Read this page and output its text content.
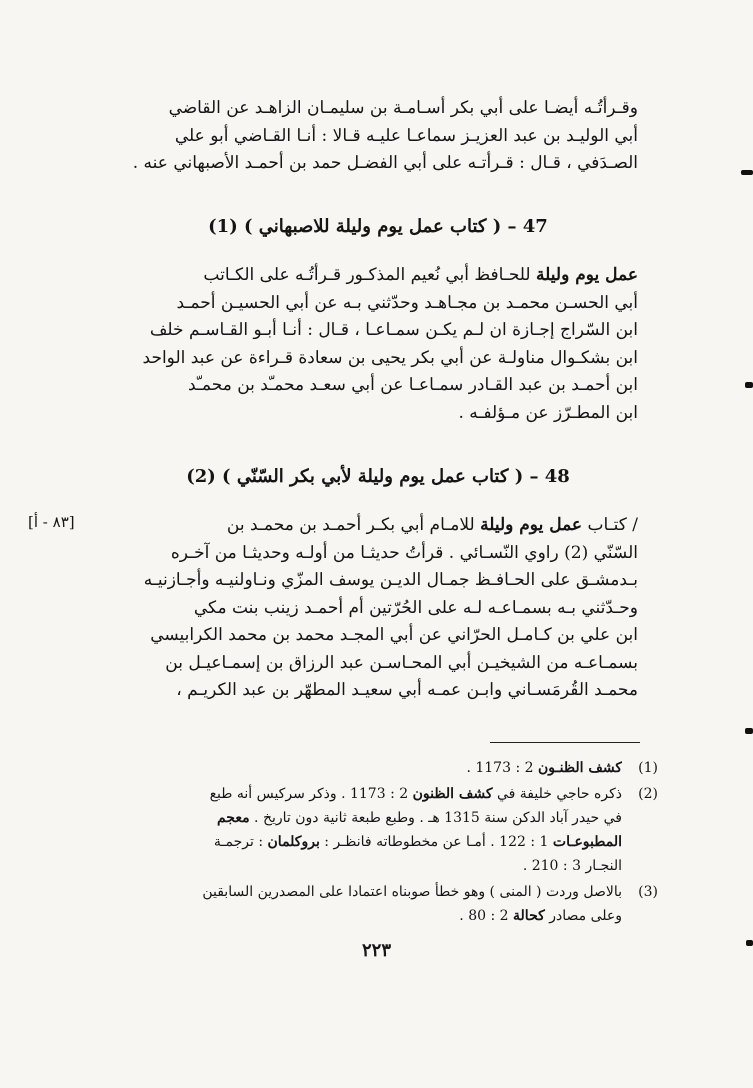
وقـرأتُـه أيضـا على أبي بكر أسـامـة بن سليمـان الزاهـد عن القاضي
أبي الوليـد بن عبد العزيـز سماعـا عليـه قـالا : أنـا القـاضي أبو علي
الصـدَفي ، قـال : قـرأتـه على أبي الفضـل حمد بن أحمـد الأصبهاني عنه .
47 – ( كتاب عمل يوم وليلة للاصبهاني ) (1)
عمل يوم وليلة للحـافظ أبي نُعيم المذكـور قـرأتُـه على الكـاتب
أبي الحسـن محمـد بن مجـاهـد وحدّثني بـه عن أبي الحسيـن أحمـد
ابن السّراج إجـازة ان لـم يكـن سمـاعـا ، قـال : أنـا أبـو القـاسـم خلف
ابن بشكـوال مناولـة عن أبي بكر يحيى بن سعادة قـراءة عن عبد الواحد
ابن أحمـد بن عبد القـادر سمـاعـا عن أبي سعـد محمـّد بن محمـّد
ابن المطـرّز عن مـؤلفـه .
48 – ( كتاب عمل يوم وليلة لأبي بكر السّنّي ) (2)
[٨٣ - أ]	/ كتـاب عمل يوم وليلة للامـام أبي بكـر أحمـد بن محمـد بن
السّنّي (2) راوي النّسـائي . قرأتُ حديثـا من أولـه وحديثـا من آخـره
بـدمشـق على الحـافـظ جمـال الديـن يوسف المزّي ونـاولنيـه وأجـازنيـه
وحـدّثني بـه بسمـاعـه لـه على الحُرّتين أم أحمـد زينب بنت مكي
ابن علي بن كـامـل الحرّاني عن أبي المجـد محمد بن محمد الكرابيسي
بسمـاعـه من الشيخيـن أبي المحـاسـن عبد الرزاق بن إسمـاعيـل بن
محمـد القُرمَسـاني وابـن عمـه أبي سعيـد المطهّر بن عبد الكريـم ،
(1)
كشف الظنـون 2 : 1173 .
(2)
ذكره حاجي خليفة في كشف الظنون 2 : 1173 . وذكر سركيس أنه طبع
في حيدر آباد الدكن سنة 1315 هـ . وطبع طبعة ثانية دون تاريخ . معجم
المطبوعـات 1 : 122 . أمـا عن مخطوطاته فانظـر : بروكلمان : ترجمـة
النجـار 3 : 210 .
(3)
بالاصل وردت ( المنى ) وهو خطأ صوبناه اعتمادا على المصدرين السابقين
وعلى مصادر كحالة 2 : 80 .
٢٢٣
